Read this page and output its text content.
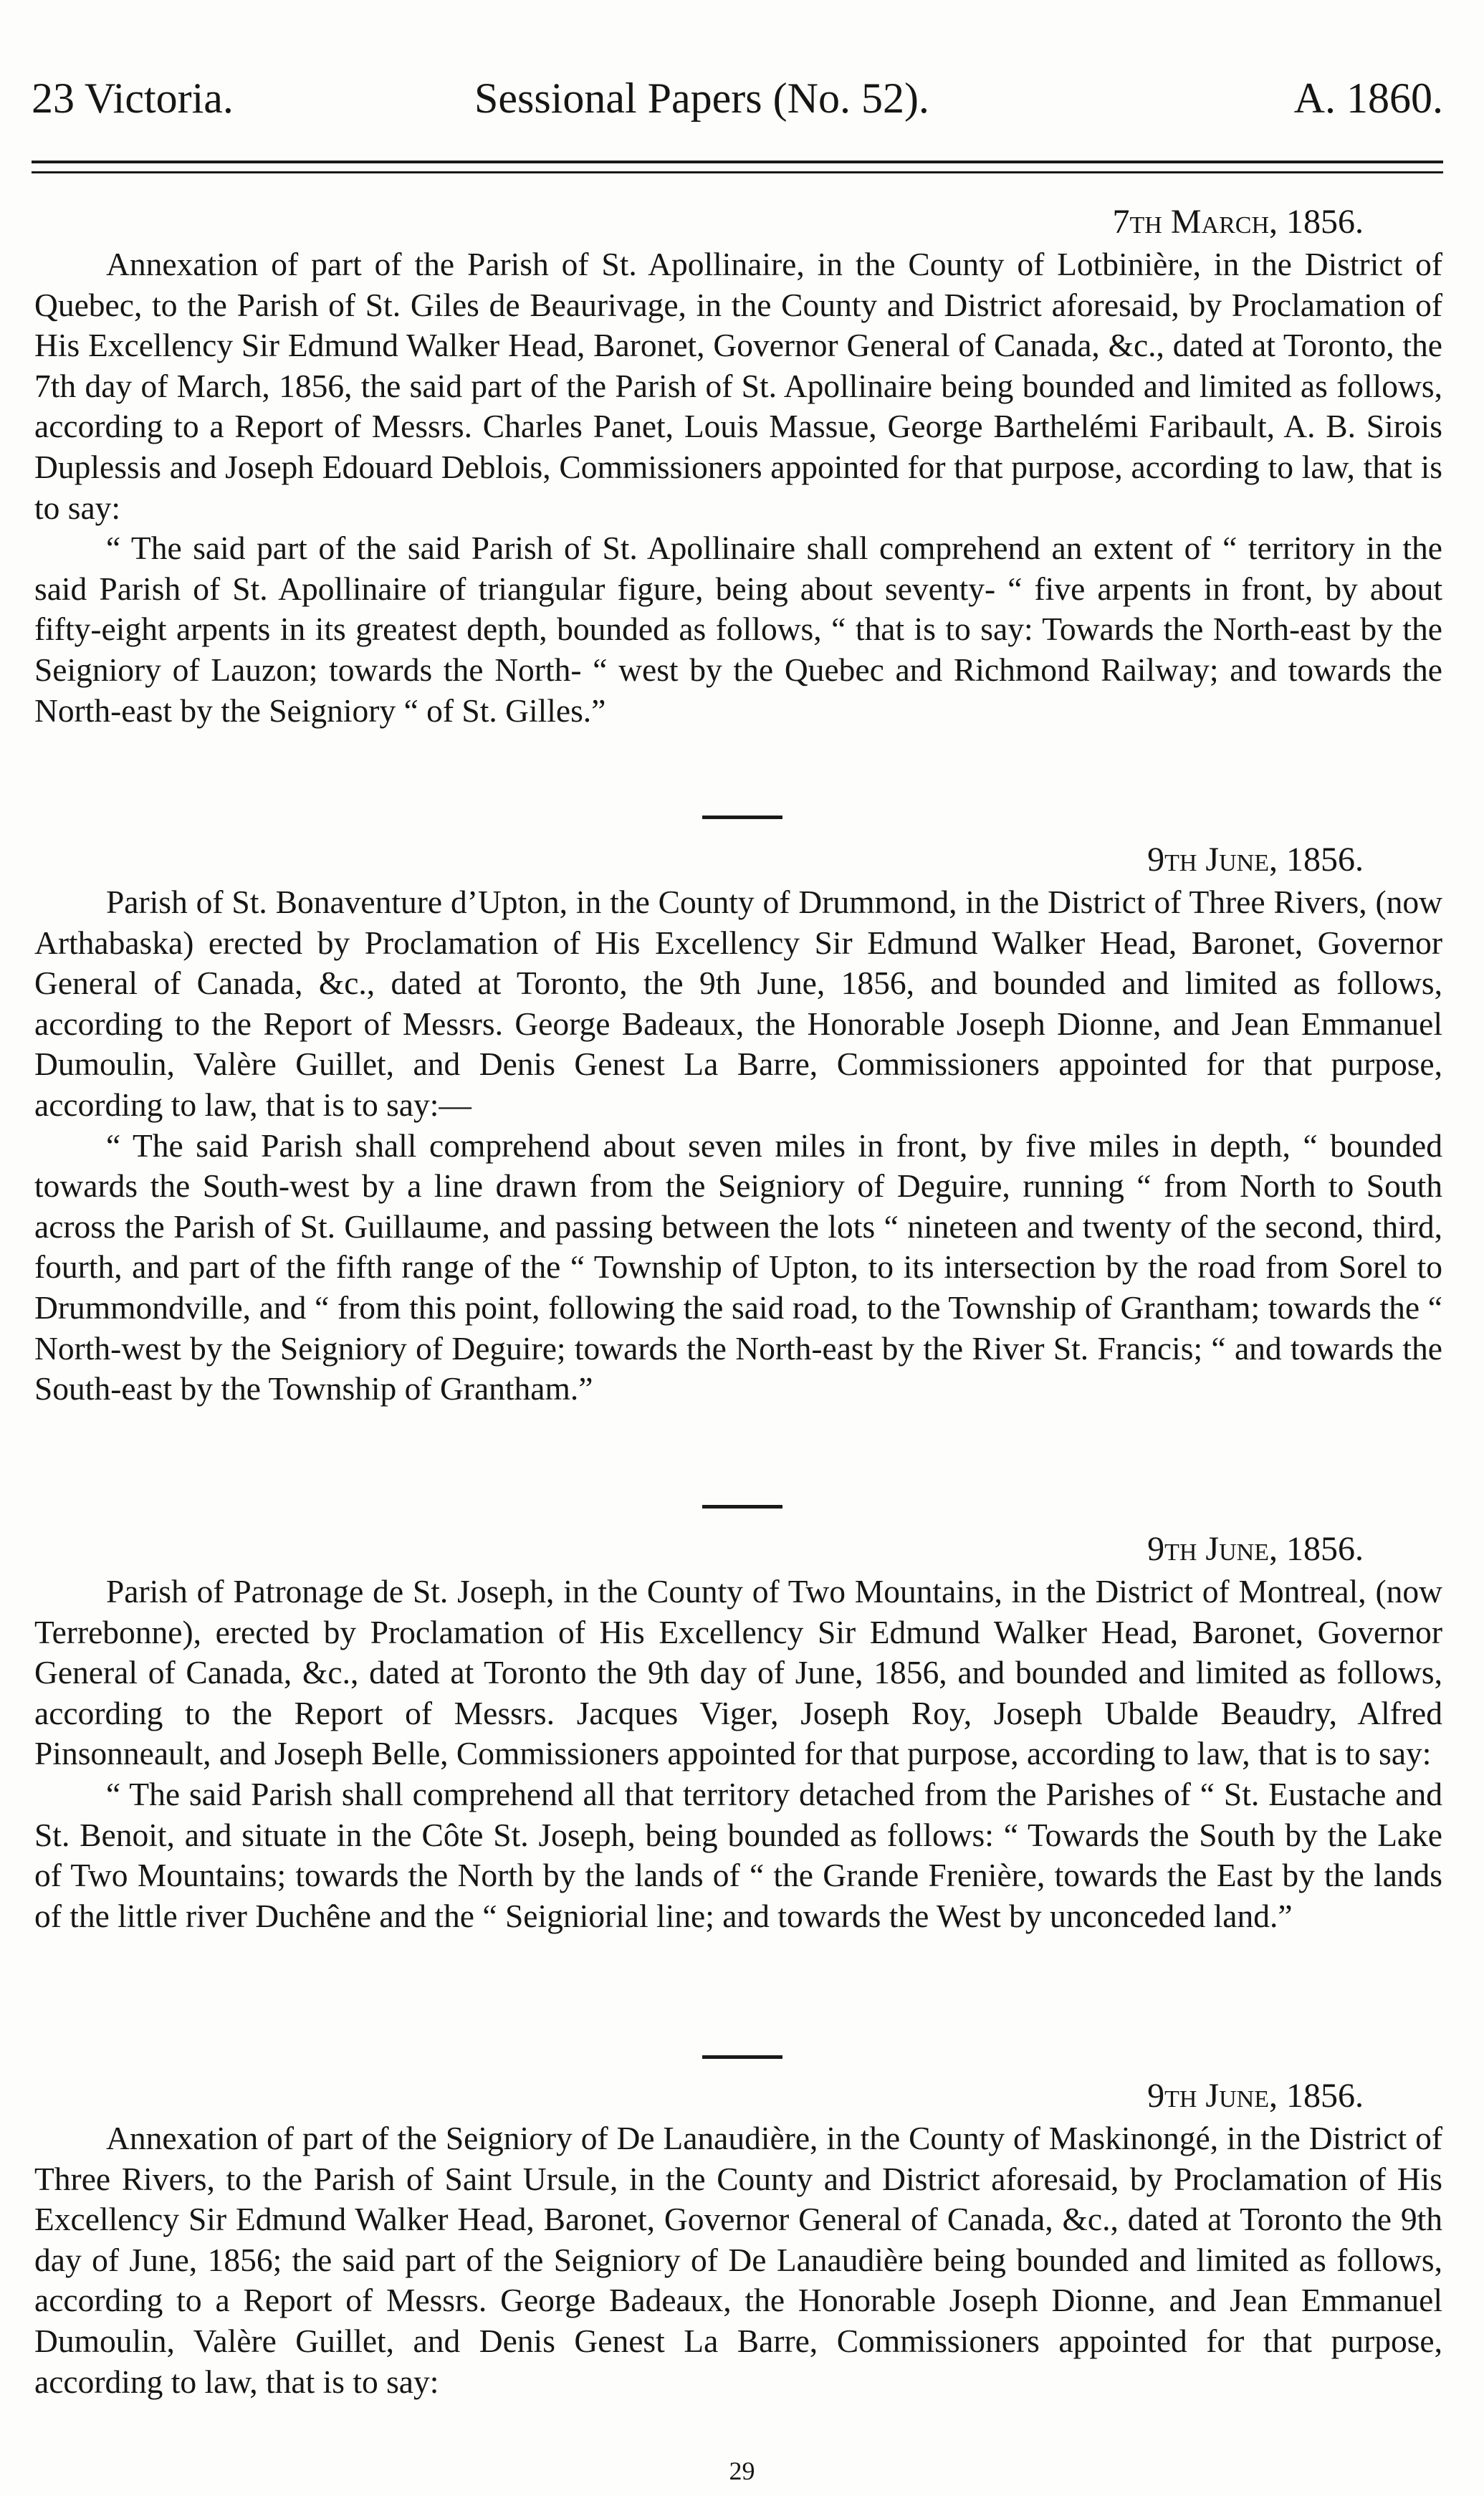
23 Victoria.	Sessional Papers (No. 52).	A. 1860.
7th March, 1856.

Annexation of part of the Parish of St. Apollinaire, in the County of Lotbinière, in the District of Quebec, to the Parish of St. Giles de Beaurivage, in the County and District aforesaid, by Proclamation of His Excellency Sir Edmund Walker Head, Baronet, Governor General of Canada, &c., dated at Toronto, the 7th day of March, 1856, the said part of the Parish of St. Apollinaire being bounded and limited as follows, according to a Report of Messrs. Charles Panet, Louis Massue, George Barthelémi Faribault, A. B. Sirois Duplessis and Joseph Edouard Deblois, Commissioners appointed for that purpose, according to law, that is to say:

“ The said part of the said Parish of St. Apollinaire shall comprehend an extent of “ territory in the said Parish of St. Apollinaire of triangular figure, being about seventy- “ five arpents in front, by about fifty-eight arpents in its greatest depth, bounded as follows, “ that is to say: Towards the North-east by the Seigniory of Lauzon; towards the North- “ west by the Quebec and Richmond Railway; and towards the North-east by the Seigniory “ of St. Gilles.”

9th June, 1856.

Parish of St. Bonaventure d’Upton, in the County of Drummond, in the District of Three Rivers, (now Arthabaska) erected by Proclamation of His Excellency Sir Edmund Walker Head, Baronet, Governor General of Canada, &c., dated at Toronto, the 9th June, 1856, and bounded and limited as follows, according to the Report of Messrs. George Badeaux, the Honorable Joseph Dionne, and Jean Emmanuel Dumoulin, Valère Guillet, and Denis Genest La Barre, Commissioners appointed for that purpose, according to law, that is to say:—

“ The said Parish shall comprehend about seven miles in front, by five miles in depth, “ bounded towards the South-west by a line drawn from the Seigniory of Deguire, running “ from North to South across the Parish of St. Guillaume, and passing between the lots “ nineteen and twenty of the second, third, fourth, and part of the fifth range of the “ Township of Upton, to its intersection by the road from Sorel to Drummondville, and “ from this point, following the said road, to the Township of Grantham; towards the “ North-west by the Seigniory of Deguire; towards the North-east by the River St. Francis; “ and towards the South-east by the Township of Grantham.”

9th June, 1856.

Parish of Patronage de St. Joseph, in the County of Two Mountains, in the District of Montreal, (now Terrebonne), erected by Proclamation of His Excellency Sir Edmund Walker Head, Baronet, Governor General of Canada, &c., dated at Toronto the 9th day of June, 1856, and bounded and limited as follows, according to the Report of Messrs. Jacques Viger, Joseph Roy, Joseph Ubalde Beaudry, Alfred Pinsonneault, and Joseph Belle, Commissioners appointed for that purpose, according to law, that is to say:

“ The said Parish shall comprehend all that territory detached from the Parishes of “ St. Eustache and St. Benoit, and situate in the Côte St. Joseph, being bounded as follows: “ Towards the South by the Lake of Two Mountains; towards the North by the lands of “ the Grande Frenière, towards the East by the lands of the little river Duchêne and the “ Seigniorial line; and towards the West by unconceded land.”

9th June, 1856.

Annexation of part of the Seigniory of De Lanaudière, in the County of Maskinongé, in the District of Three Rivers, to the Parish of Saint Ursule, in the County and District aforesaid, by Proclamation of His Excellency Sir Edmund Walker Head, Baronet, Governor General of Canada, &c., dated at Toronto the 9th day of June, 1856; the said part of the Seigniory of De Lanaudière being bounded and limited as follows, according to a Report of Messrs. George Badeaux, the Honorable Joseph Dionne, and Jean Emmanuel Dumoulin, Valère Guillet, and Denis Genest La Barre, Commissioners appointed for that purpose, according to law, that is to say:

29
